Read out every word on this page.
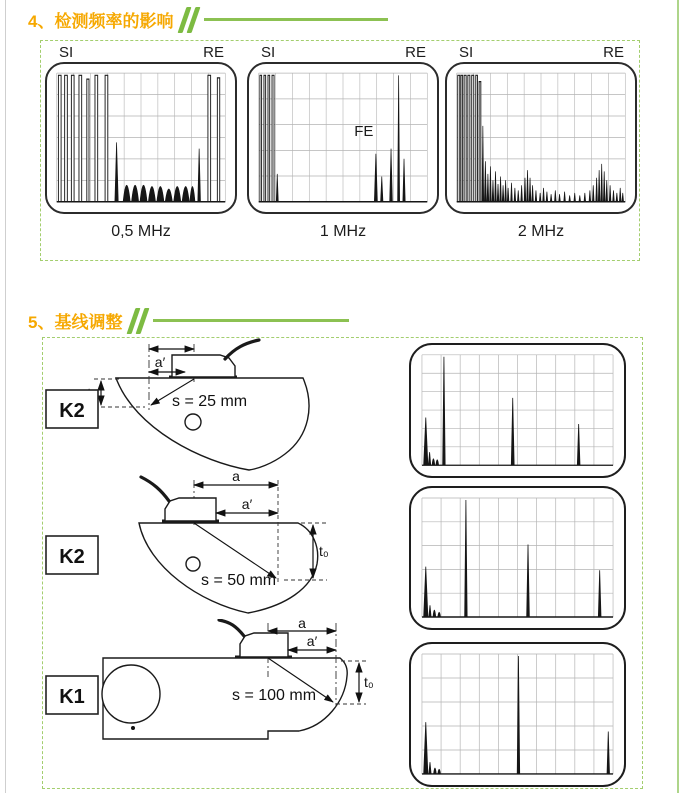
4、 检测频率的影响
SI	RE
0,5 MHz
SI	RE
FE
1 MHz
SI	RE
2 MHz
5、 基线调整
a′
s = 25 mm
K2
a
a′
t₀
s = 50 mm
K2
a
a′
t₀
s = 100 mm
K1
